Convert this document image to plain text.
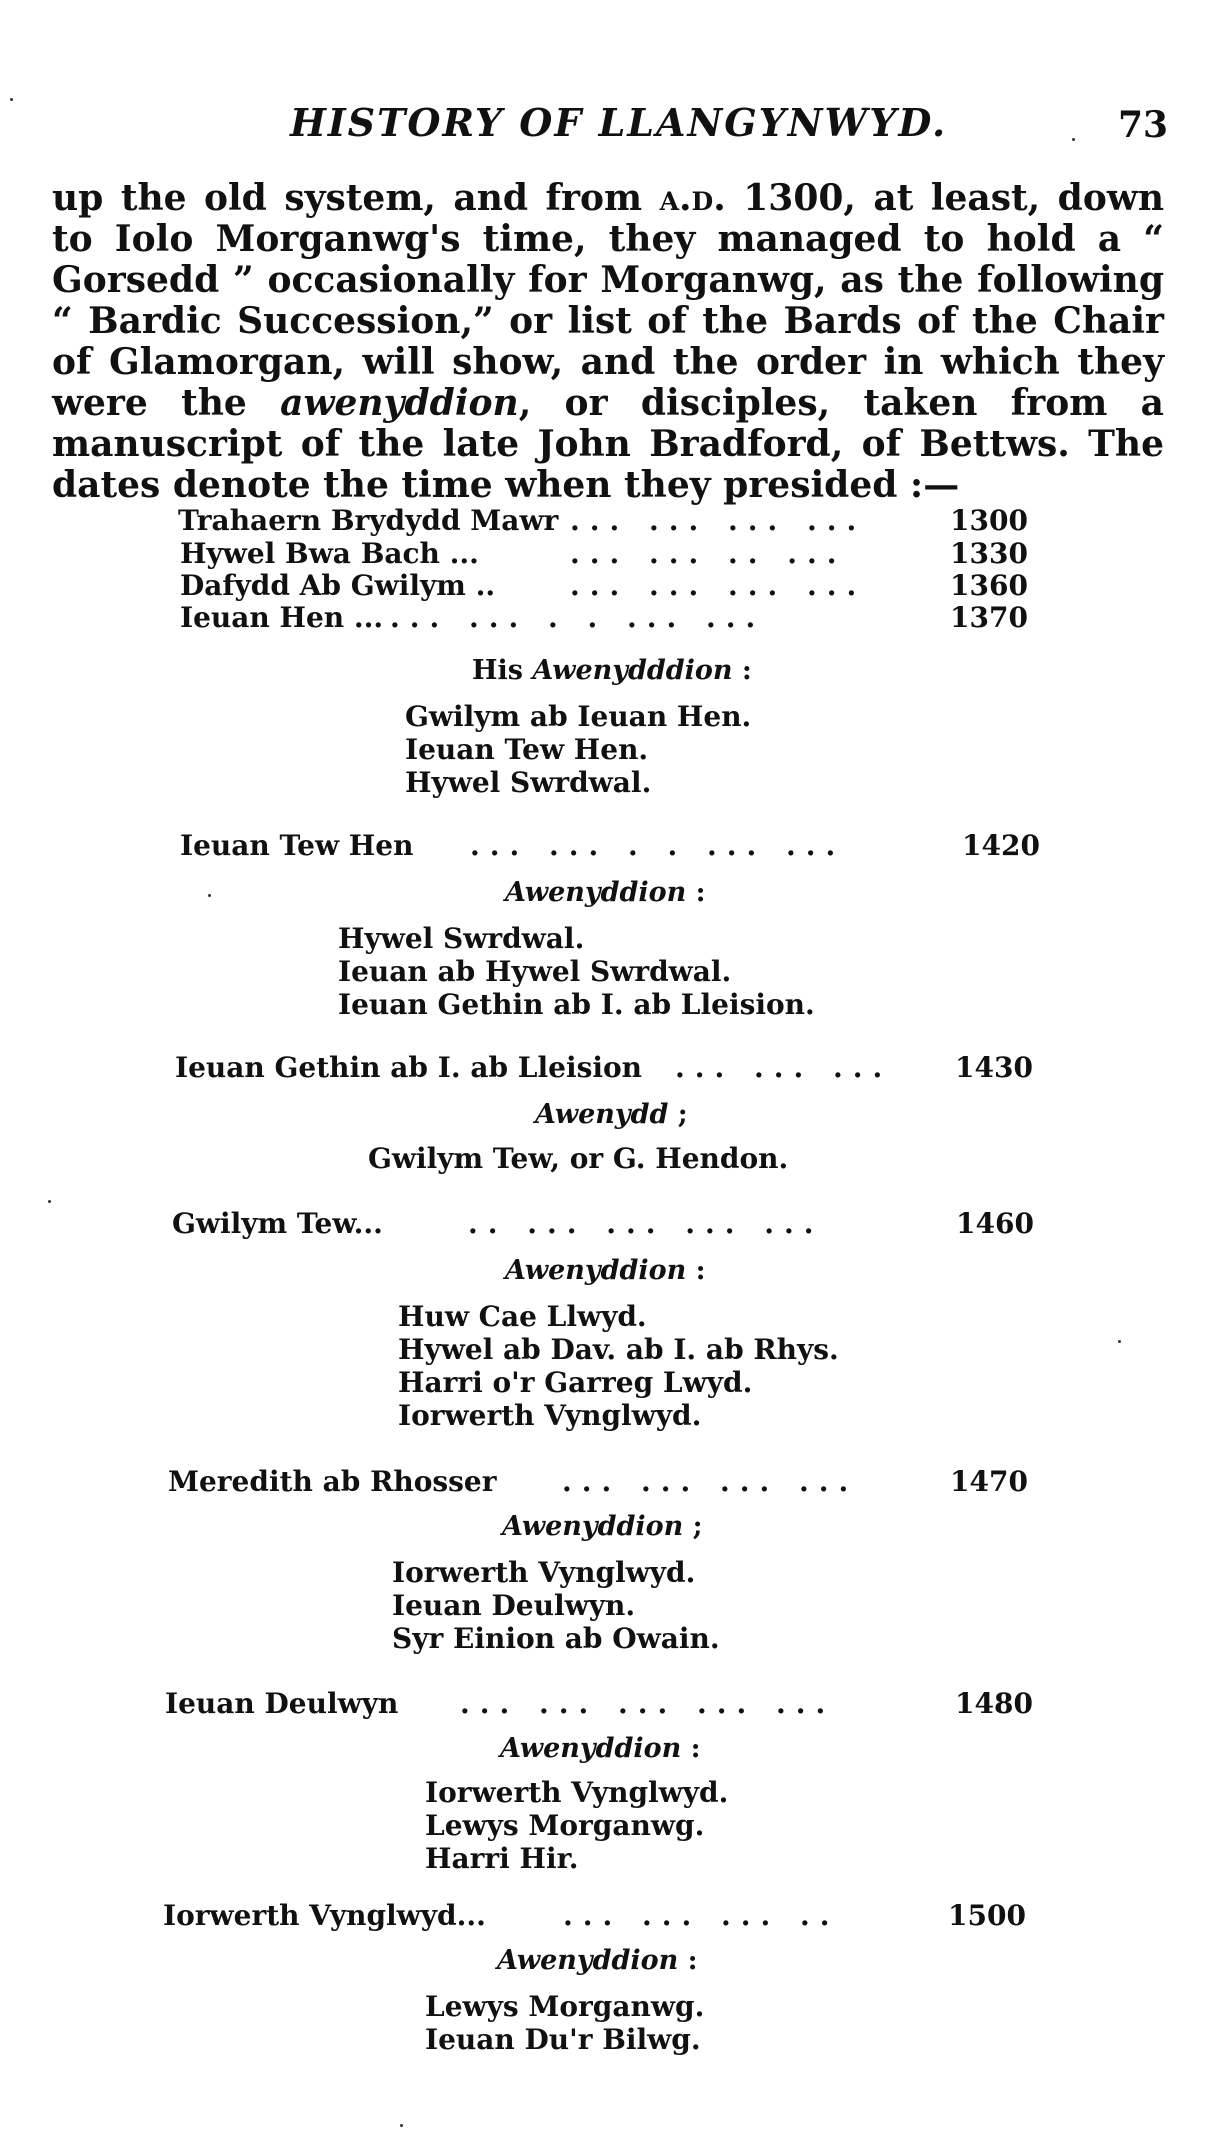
HISTORY OF LLANGYNWYD.	73

up the old system, and from a.d. 1300, at least, down to Iolo Morganwg's time, they managed to hold a “ Gorsedd ” occasionally for Morganwg, as the following “ Bardic Succession,” or list of the Bards of the Chair of Glamorgan, will show, and the order in which they were the awenyddion, or disciples, taken from a manuscript of the late John Bradford, of Bettws. The dates denote the time when they presided :—

Trahaern Brydydd Mawr ... ... ... ...	1300
Hywel Bwa Bach ...	... ... .. ...	1330
Dafydd Ab Gwilym ..	... ... ... ...	1360
Ieuan Hen ... ... ... . . ... ...	1370
His Awenydddion :
Gwilym ab Ieuan Hen.
Ieuan Tew Hen.
Hywel Swrdwal.
Ieuan Tew Hen ... ... . . ... ...	1420
Awenyddion :
Hywel Swrdwal.
Ieuan ab Hywel Swrdwal.
Ieuan Gethin ab I. ab Lleision.
Ieuan Gethin ab I. ab Lleision ... ... ... 1430
Awenydd ;
Gwilym Tew, or G. Hendon.
Gwilym Tew...	.. ... ... ... ...	1460
Awenyddion :
Huw Cae Llwyd.
Hywel ab Dav. ab I. ab Rhys.
Harri o'r Garreg Lwyd.
Iorwerth Vynglwyd.
Meredith ab Rhosser ... ... ... ...	1470
Awenyddion ;
Iorwerth Vynglwyd.
Ieuan Deulwyn.
Syr Einion ab Owain.
Ieuan Deulwyn ... ... ... ... ...	1480
Awenyddion :
Iorwerth Vynglwyd.
Lewys Morganwg.
Harri Hir.
Iorwerth Vynglwyd...	... ... ... ..	1500
Awenyddion :
Lewys Morganwg.
Ieuan Du'r Bilwg.
